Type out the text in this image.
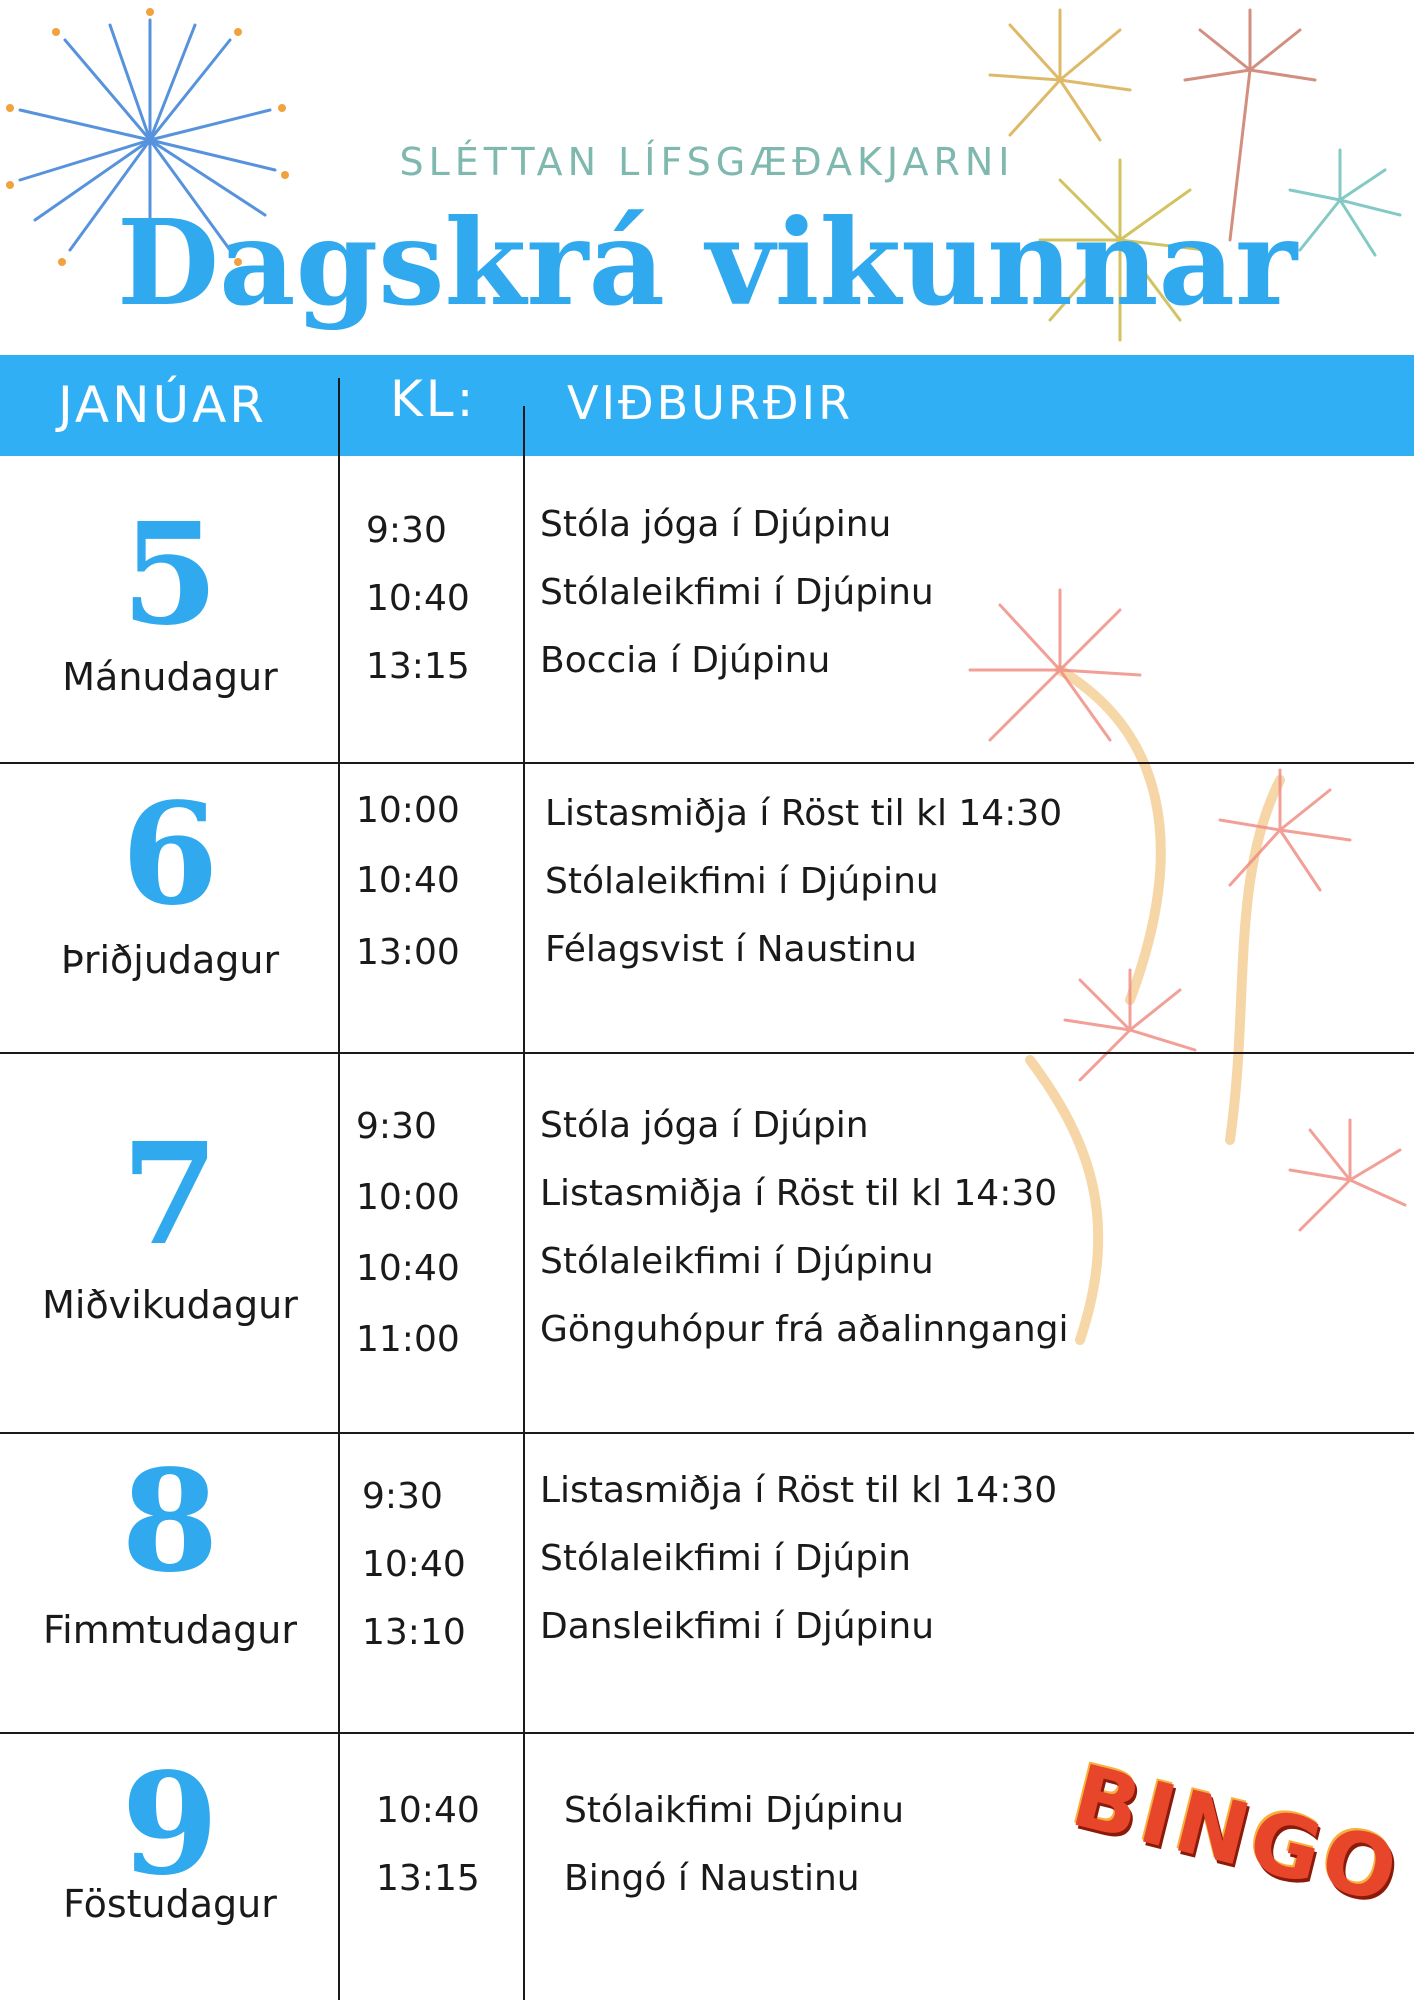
SLÉTTAN LÍFSGÆÐAKJARNI
Dagskrá vikunnar
JANÚAR KL: VIÐBURÐIR
5
Mánudagur
9:30
10:40
13:15
Stóla jóga í Djúpinu
Stólaleikfimi í Djúpinu
Boccia í Djúpinu
6
Þriðjudagur
10:00
10:40
13:00
Listasmiðja í Röst til kl 14:30
Stólaleikfimi í Djúpinu
Félagsvist í Naustinu
7
Miðvikudagur
9:30
10:00
10:40
11:00
Stóla jóga í Djúpin
Listasmiðja í Röst til kl 14:30
Stólaleikfimi í Djúpinu
Gönguhópur frá aðalinngangi
8
Fimmtudagur
9:30
10:40
13:10
Listasmiðja í Röst til kl 14:30
Stólaleikfimi í Djúpin
Dansleikfimi í Djúpinu
9
Föstudagur
10:40
13:15
Stólaikfimi Djúpinu
Bingó í Naustinu BINGO
